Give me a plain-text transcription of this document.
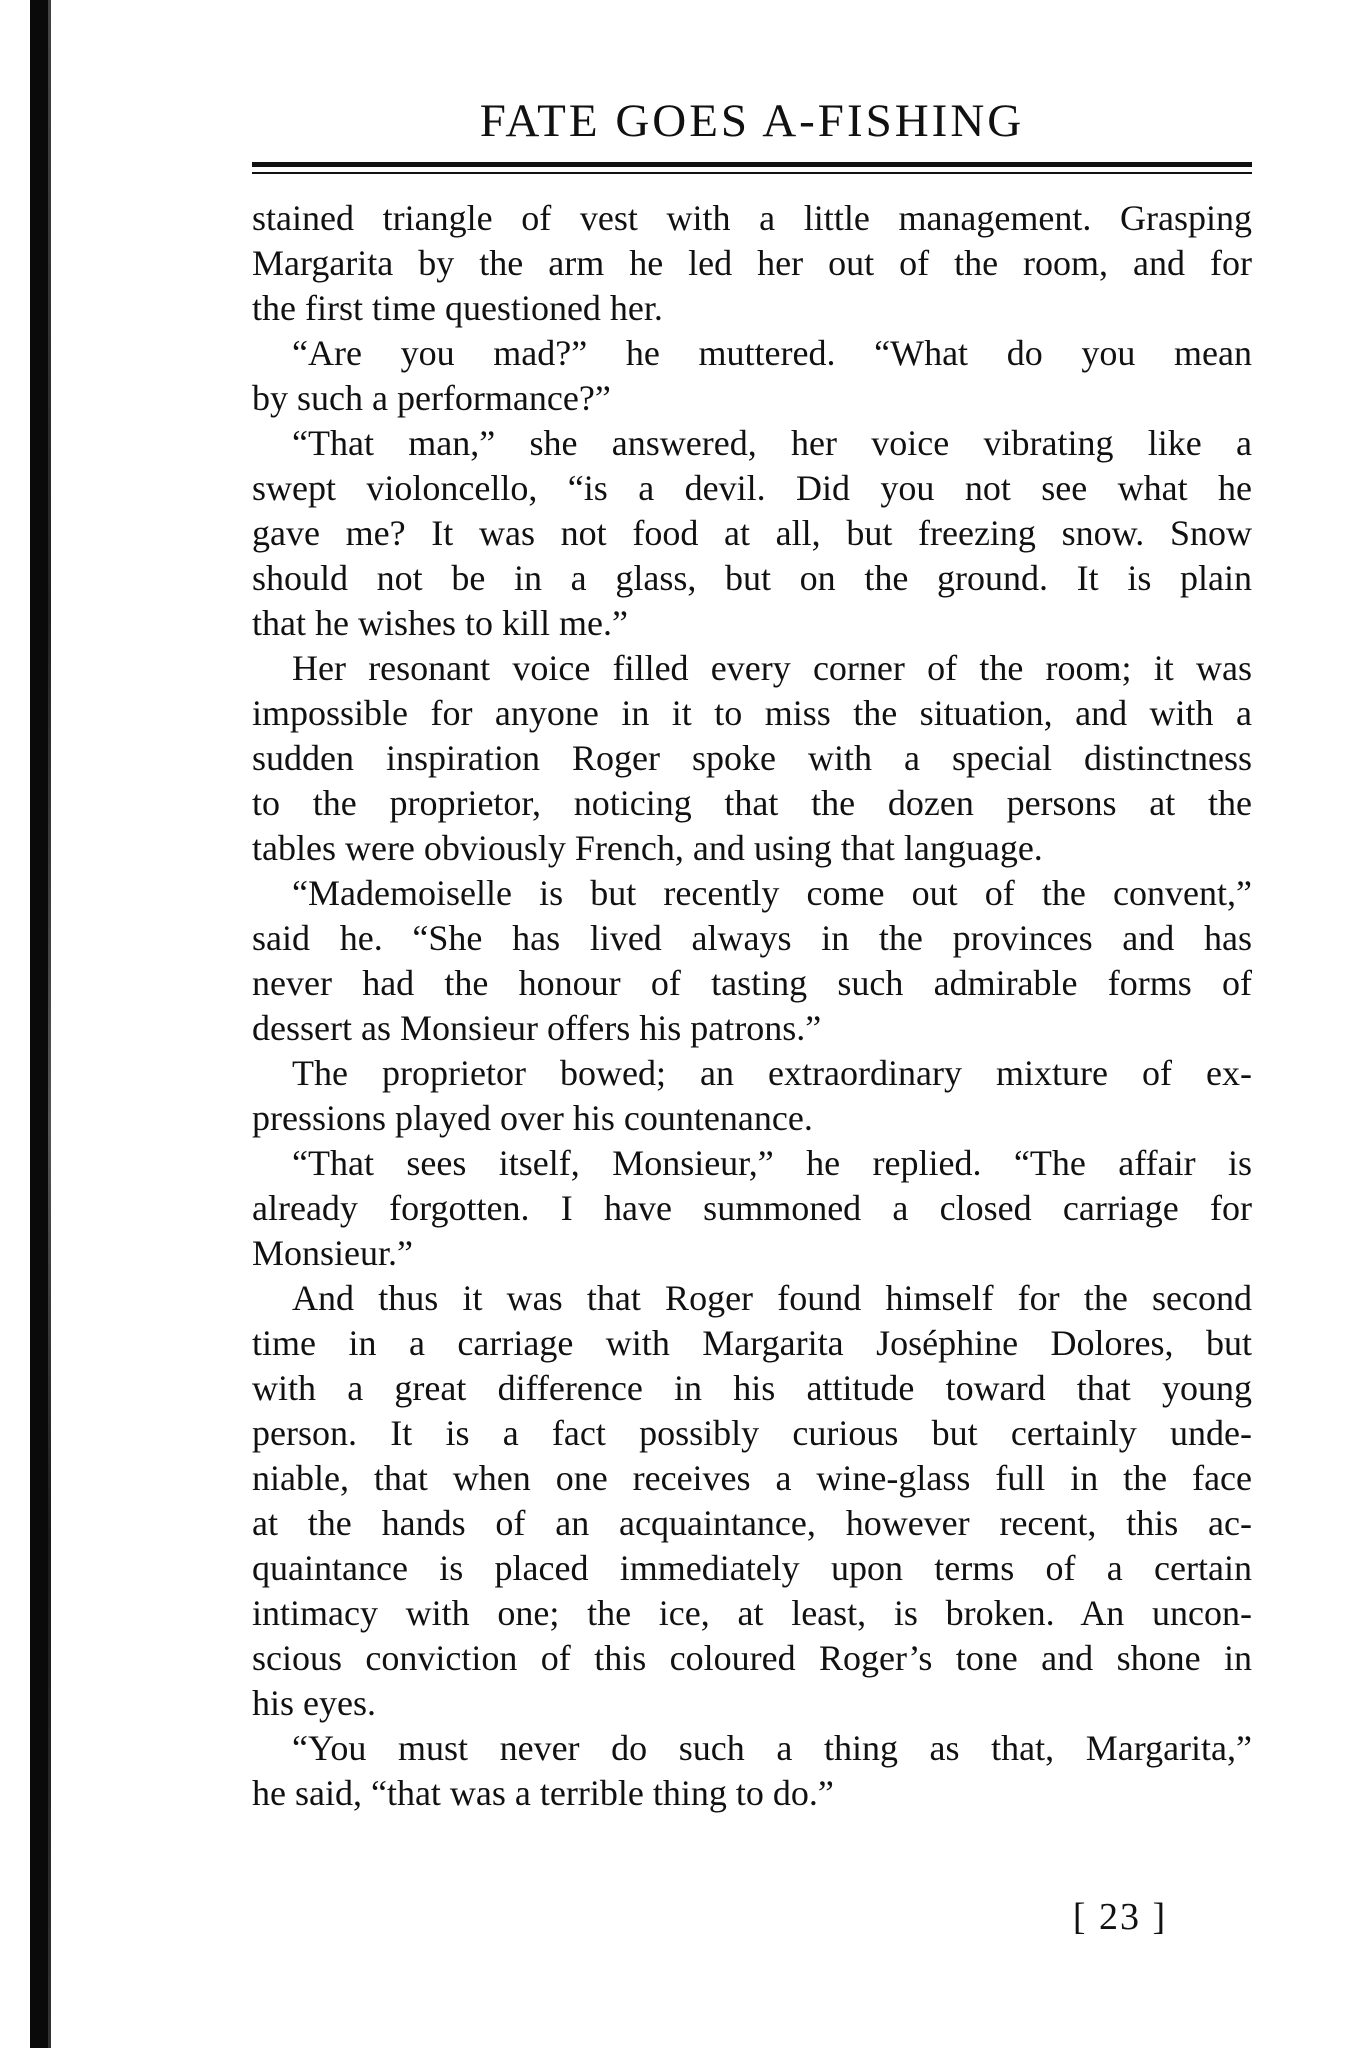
FATE GOES A-FISHING
stained triangle of vest with a little management. Grasping
Margarita by the arm he led her out of the room, and for
the first time questioned her.
“Are you mad?” he muttered. “What do you mean
by such a performance?”
“That man,” she answered, her voice vibrating like a
swept violoncello, “is a devil. Did you not see what he
gave me? It was not food at all, but freezing snow. Snow
should not be in a glass, but on the ground. It is plain
that he wishes to kill me.”
Her resonant voice filled every corner of the room; it was
impossible for anyone in it to miss the situation, and with a
sudden inspiration Roger spoke with a special distinctness
to the proprietor, noticing that the dozen persons at the
tables were obviously French, and using that language.
“Mademoiselle is but recently come out of the convent,”
said he. “She has lived always in the provinces and has
never had the honour of tasting such admirable forms of
dessert as Monsieur offers his patrons.”
The proprietor bowed; an extraordinary mixture of ex-
pressions played over his countenance.
“That sees itself, Monsieur,” he replied. “The affair is
already forgotten. I have summoned a closed carriage for
Monsieur.”
And thus it was that Roger found himself for the second
time in a carriage with Margarita Joséphine Dolores, but
with a great difference in his attitude toward that young
person. It is a fact possibly curious but certainly unde-
niable, that when one receives a wine-glass full in the face
at the hands of an acquaintance, however recent, this ac-
quaintance is placed immediately upon terms of a certain
intimacy with one; the ice, at least, is broken. An uncon-
scious conviction of this coloured Roger’s tone and shone in
his eyes.
“You must never do such a thing as that, Margarita,”
he said, “that was a terrible thing to do.”
[ 23 ]
